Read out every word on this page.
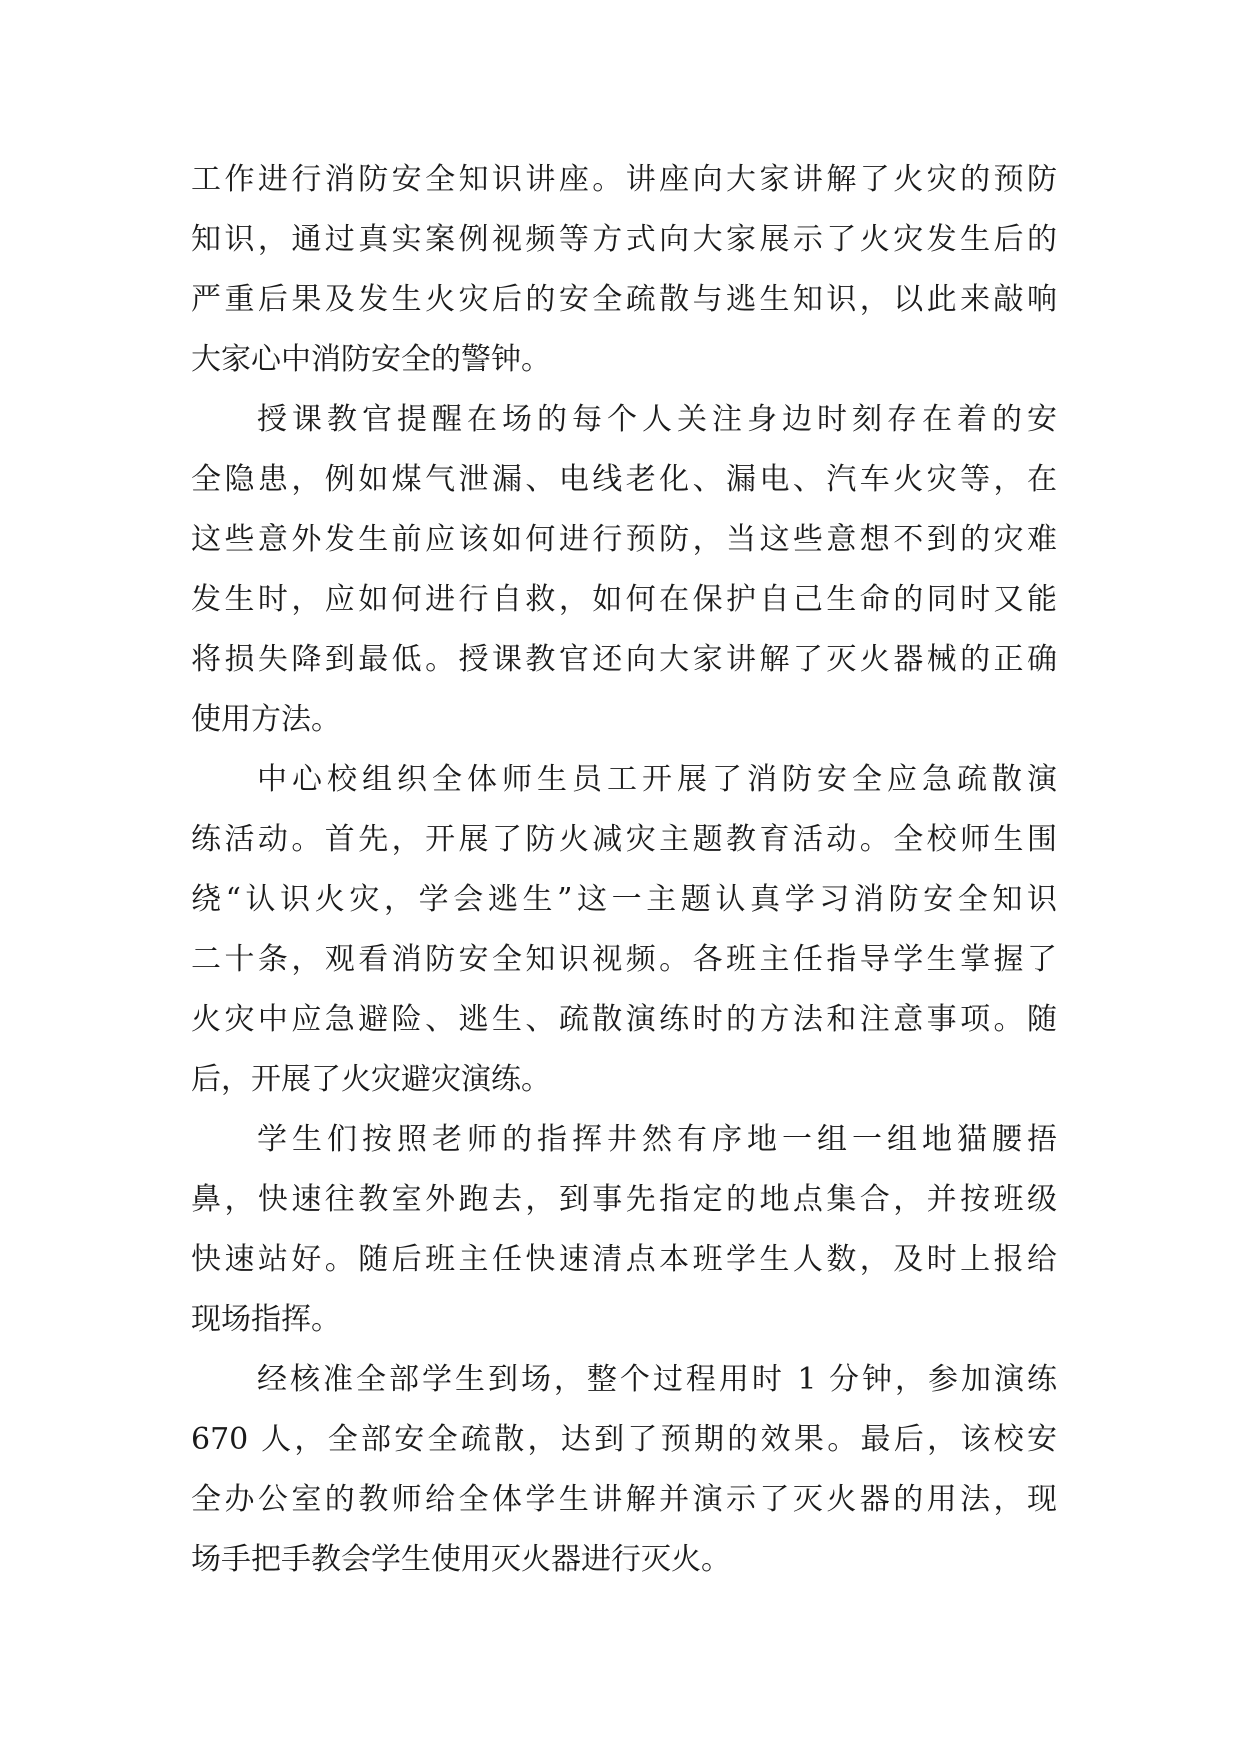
工作进行消防安全知识讲座。讲座向大家讲解了火灾的预防
知识，通过真实案例视频等方式向大家展示了火灾发生后的
严重后果及发生火灾后的安全疏散与逃生知识，以此来敲响
大家心中消防安全的警钟。
授课教官提醒在场的每个人关注身边时刻存在着的安
全隐患，例如煤气泄漏、电线老化、漏电、汽车火灾等，在
这些意外发生前应该如何进行预防，当这些意想不到的灾难
发生时，应如何进行自救，如何在保护自己生命的同时又能
将损失降到最低。授课教官还向大家讲解了灭火器械的正确
使用方法。
中心校组织全体师生员工开展了消防安全应急疏散演
练活动。首先，开展了防火减灾主题教育活动。全校师生围
绕“认识火灾，学会逃生”这一主题认真学习消防安全知识
二十条，观看消防安全知识视频。各班主任指导学生掌握了
火灾中应急避险、逃生、疏散演练时的方法和注意事项。随
后，开展了火灾避灾演练。
学生们按照老师的指挥井然有序地一组一组地猫腰捂
鼻，快速往教室外跑去，到事先指定的地点集合，并按班级
快速站好。随后班主任快速清点本班学生人数，及时上报给
现场指挥。
经核准全部学生到场，整个过程用时 1 分钟，参加演练
670 人，全部安全疏散，达到了预期的效果。最后，该校安
全办公室的教师给全体学生讲解并演示了灭火器的用法，现
场手把手教会学生使用灭火器进行灭火。
